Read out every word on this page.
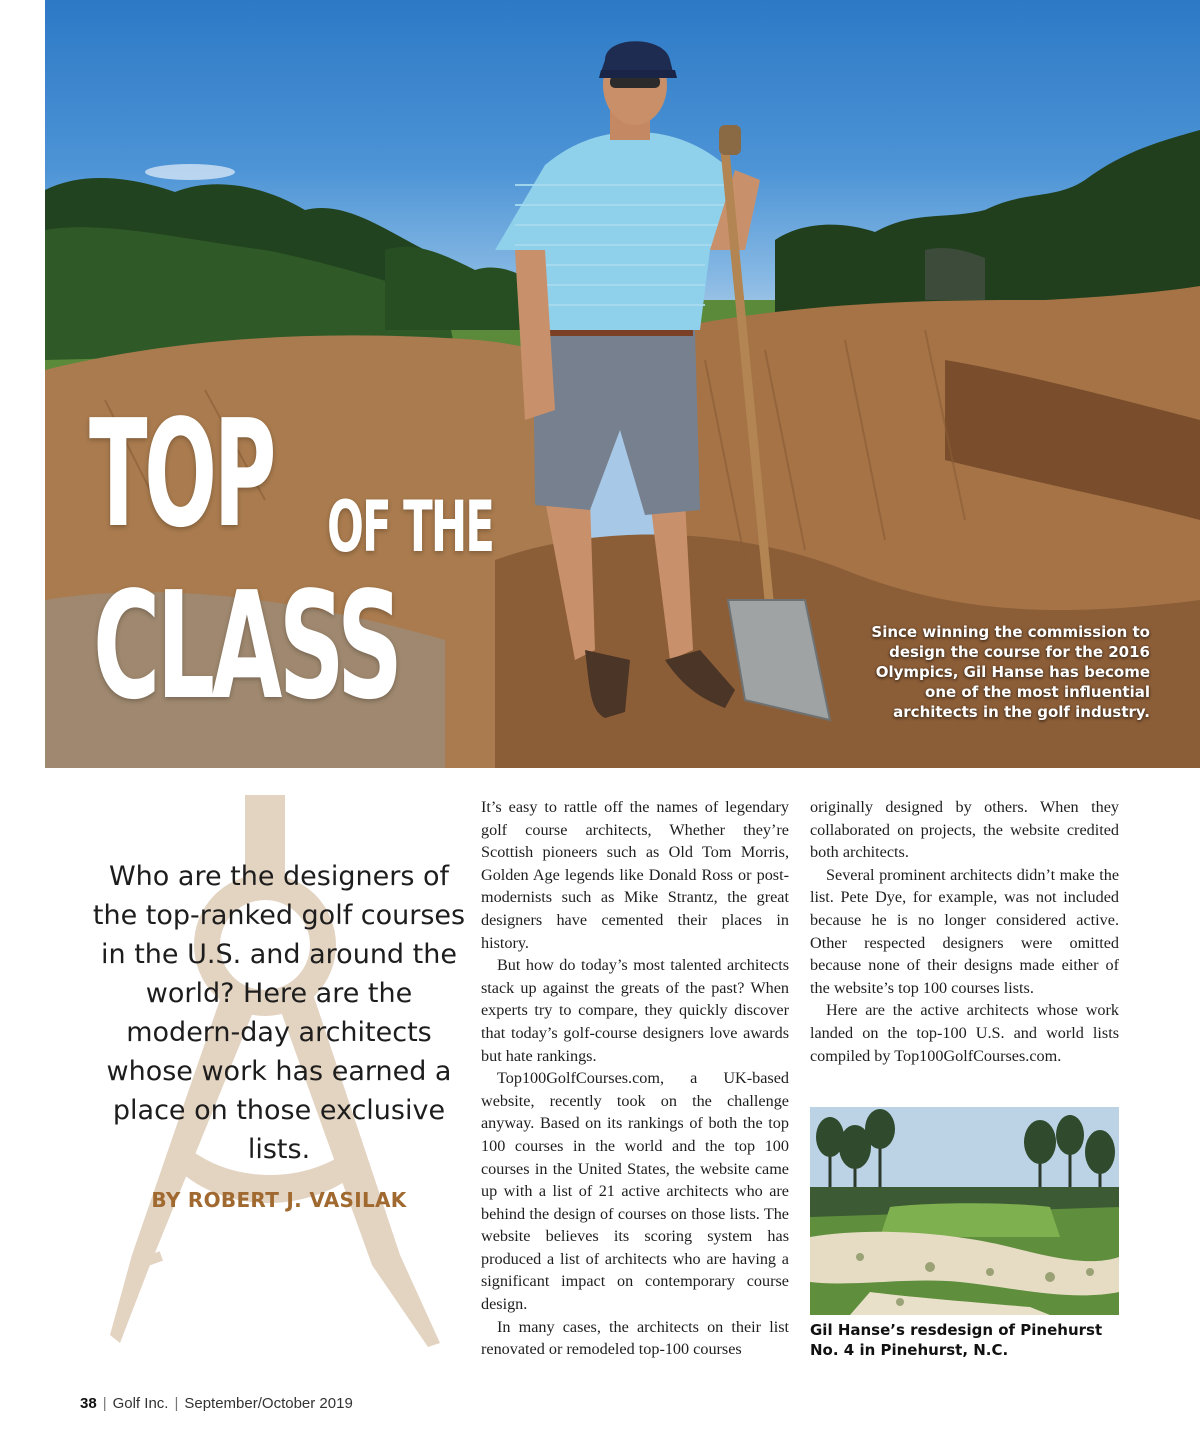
TOP OF THE
CLASS	Since winning the commission to design the course for the 2016 Olympics, Gil Hanse has become one of the most influential architects in the golf industry.
Who are the designers of the top-ranked golf courses in the U.S. and around the world? Here are the modern-day architects whose work has earned a place on those exclusive lists.
BY ROBERT J. VASILAK

It’s easy to rattle off the names of legendary golf course architects, Whether they’re Scottish pioneers such as Old Tom Morris, Golden Age legends like Donald Ross or post-modernists such as Mike Strantz, the great designers have cemented their places in history.

But how do today’s most talented architects stack up against the greats of the past? When experts try to compare, they quickly discover that today’s golf-course designers love awards but hate rankings.

Top100GolfCourses.com, a UK-based website, recently took on the challenge anyway. Based on its rankings of both the top 100 courses in the world and the top 100 courses in the United States, the website came up with a list of 21 active architects who are behind the design of courses on those lists. The website believes its scoring system has produced a list of architects who are having a significant impact on contemporary course design.

In many cases, the architects on their list renovated or remodeled top-100 courses

originally designed by others. When they collaborated on projects, the website credited both architects.

Several prominent architects didn’t make the list. Pete Dye, for example, was not included because he is no longer considered active. Other respected designers were omitted because none of their designs made either of the website’s top 100 courses lists.

Here are the active architects whose work landed on the top-100 U.S. and world lists compiled by Top100GolfCourses.com.

Gil Hanse’s resdesign of Pinehurst No. 4 in Pinehurst, N.C.
38 | Golf Inc. | September/October 2019
